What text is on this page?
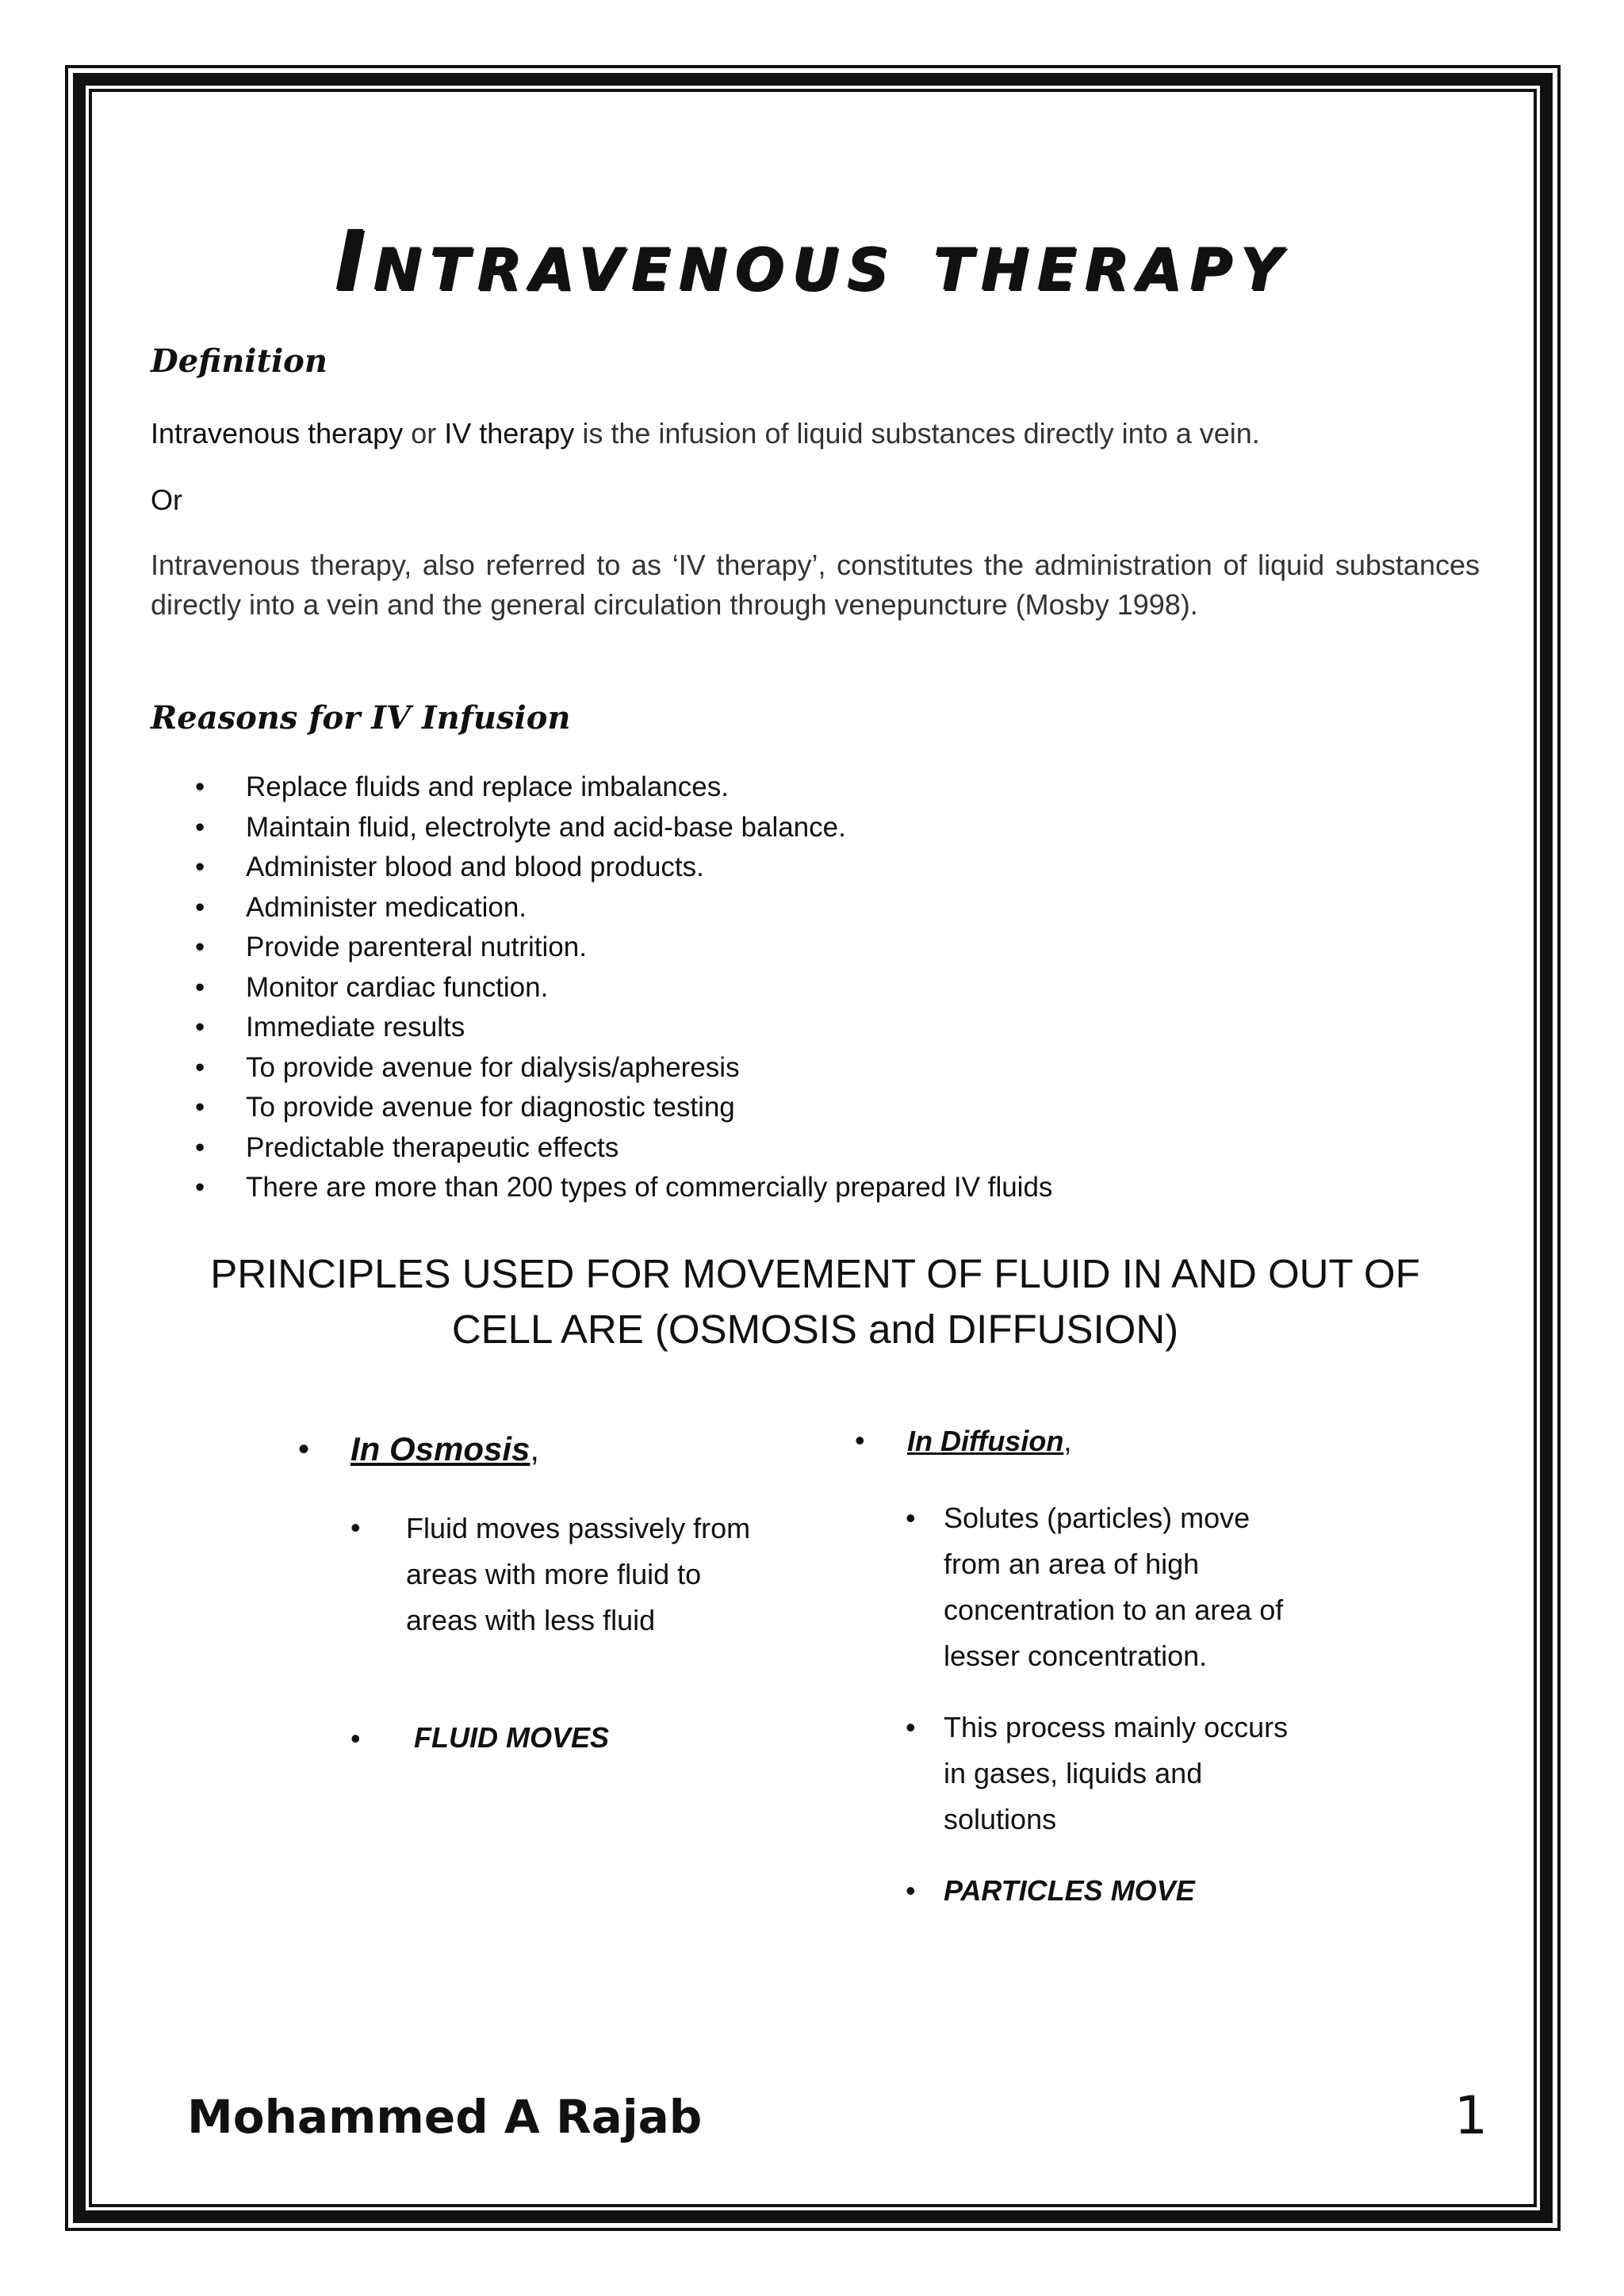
Intravenous therapy
Definition
Intravenous therapy or IV therapy is the infusion of liquid substances directly into a vein.
Or
Intravenous therapy, also referred to as ‘IV therapy’, constitutes the administration of liquid substances directly into a vein and the general circulation through venepuncture (Mosby 1998).
Reasons for IV Infusion
• Replace fluids and replace imbalances.
• Maintain fluid, electrolyte and acid-base balance.
• Administer blood and blood products.
• Administer medication.
• Provide parenteral nutrition.
• Monitor cardiac function.
• Immediate results
• To provide avenue for dialysis/apheresis
• To provide avenue for diagnostic testing
• Predictable therapeutic effects
• There are more than 200 types of commercially prepared IV fluids
PRINCIPLES USED FOR MOVEMENT OF FLUID IN AND OUT OF
CELL ARE (OSMOSIS and DIFFUSION)
• In Osmosis,
• Fluid moves passively from areas with more fluid to areas with less fluid
• FLUID MOVES
• In Diffusion,
• Solutes (particles) move from an area of high concentration to an area of lesser concentration.
• This process mainly occurs in gases, liquids and solutions
• PARTICLES MOVE
Mohammed A Rajab	1
